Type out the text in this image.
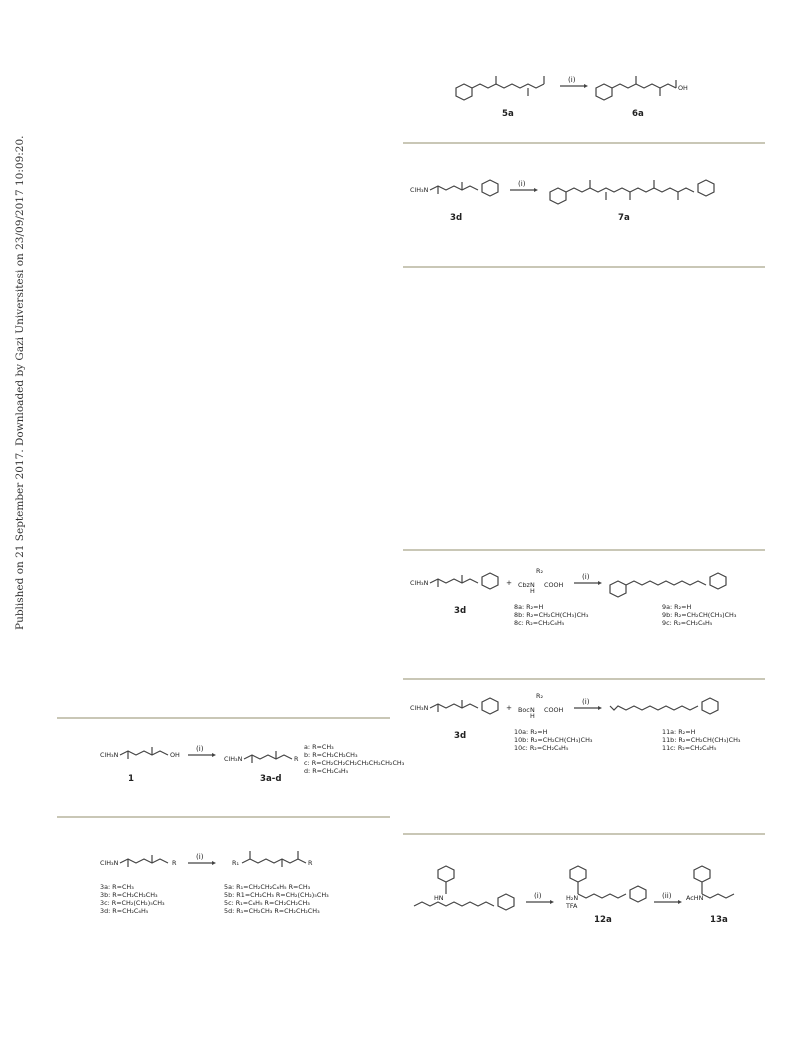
Published on 21 September 2017. Downloaded by Gazi Universitesi on 23/09/2017 10:09:20.
(i)
OH
5a	6a
ClH₃N
(i)
3d	7a
ClH₃N	+ Cbz N
R₂
H
COOH
(i)
3d	8a: R₂=H
8b: R₂=CH₂CH(CH₃)CH₃
8c: R₂=CH₂C₆H₅
9a: R₂=H
9b: R₂=CH₂CH(CH₃)CH₃
9c: R₂=CH₂C₆H₅
ClH₃N	+ Boc N
R₂
H
COOH
(i)
3d	10a: R₂=H
10b: R₂=CH₂CH(CH₃)CH₃
10c: R₂=CH₂C₆H₅
11a: R₂=H
11b: R₂=CH₂CH(CH₃)CH₃
11c: R₂=CH₂C₆H₅
ClH₃N	OH
(i)
ClH₃N	R
1	3a-d
a: R=CH₃
b: R=CH₂CH₂CH₃
c: R=CH₂CH₂CH₂CH₂CH₂CH₂CH₃
d: R=CH₂C₆H₅
ClH₃N	R
(i)
R₁	R
3a: R=CH₃
3b: R=CH₂CH₂CH₃
3c: R=CH₂(CH₂)₅CH₃
3d: R=CH₂C₆H₅
5a: R₁=CH₂CH₂C₆H₅ R=CH₃
5b: R1=CH₂CH₃ R=CH₂(CH₂)₅CH₃
5c: R₁=C₆H₅ R=CH₂CH₂CH₃
5d: R₁=CH₂CH₃ R=CH₂CH₂CH₃
HN	(i)	H₂N
TFA
(ii)	AcHN
12a	13a
